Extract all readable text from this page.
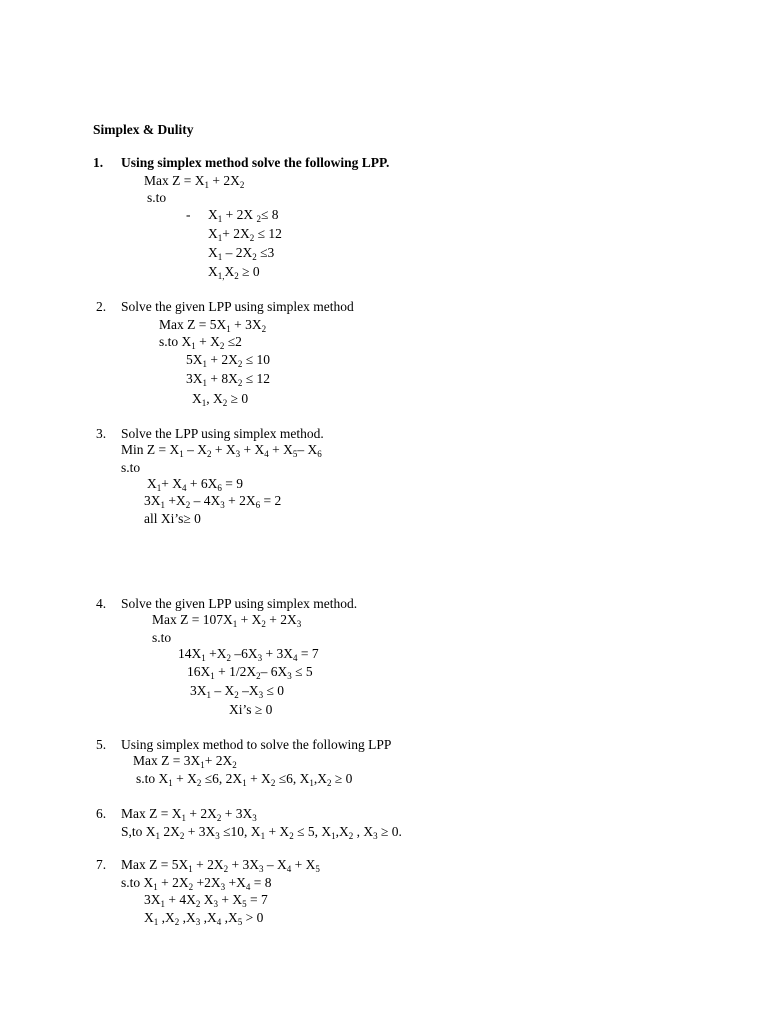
Simplex & Dulity
1. Using simplex method solve the following LPP.
Max $Z = X_1 + 2X_2$
s.to
- $X_1 + 2X$ $_2$≤ 8
$X_1+ 2X_2 \le 12$
$X_1 - 2X_2 \le 3$
$X_{1,}X_2 \ge 0$
2. Solve the given LPP using simplex method
Max $Z = 5X_1 + 3X_2$
s.to $X_1 + X_2 \le 2$
$5X_1 + 2X_2 \le 10$
$3X_1 + 8X_2 \le 12$
$X_1$, $X_2 \ge 0$
3. Solve the LPP using simplex method.
Min $Z = X_1 - X_2 + X_3 + X_4 + X_5-$ $X_6$
s.to
$X_1+ X_4 + 6X_6 = 9$
$3X_1 +X_2 - 4X_3 + 2X_6 = 2$
all Xi’s≥ 0
4. Solve the given LPP using simplex method.
Max $Z = 107X_1 + X_2 + 2X_3$
s.to
$14X_1 +X_2$ $-6X_3 + 3X_4 = 7$
$16X_1 + 1/2X_2-$ $6X_3 \le 5$
$3X_1 - X_2$ $-X_3 \le 0$
Xi’s ≥ 0
5. Using simplex method to solve the following LPP
Max $Z = 3X_1+ 2X_2$
s.to $X_1 + X_2 \le 6$, $2X_1 + X_2 \le 6$, $X_1,X_2 \ge 0$
6. Max $Z = X_1 + 2X_2 + 3X_3$
S,to $X_1$ $2X_2 + 3X_3 \le 10$, $X_1 + X_2 \le 5$, $X_1,X_2$ , $X_3 \ge 0$.
7. Max $Z = 5X_1 + 2X_2 + 3X_3 - X_4 + X_5$
s.to $X_1 + 2X_2 +2X_3 +X_4 = 8$
$3X_1 + 4X_2$ $X_3 + X_5 = 7$
$X_1$ $,X_2$ $,X_3$ $,X_4$ $,X_5 > 0$
